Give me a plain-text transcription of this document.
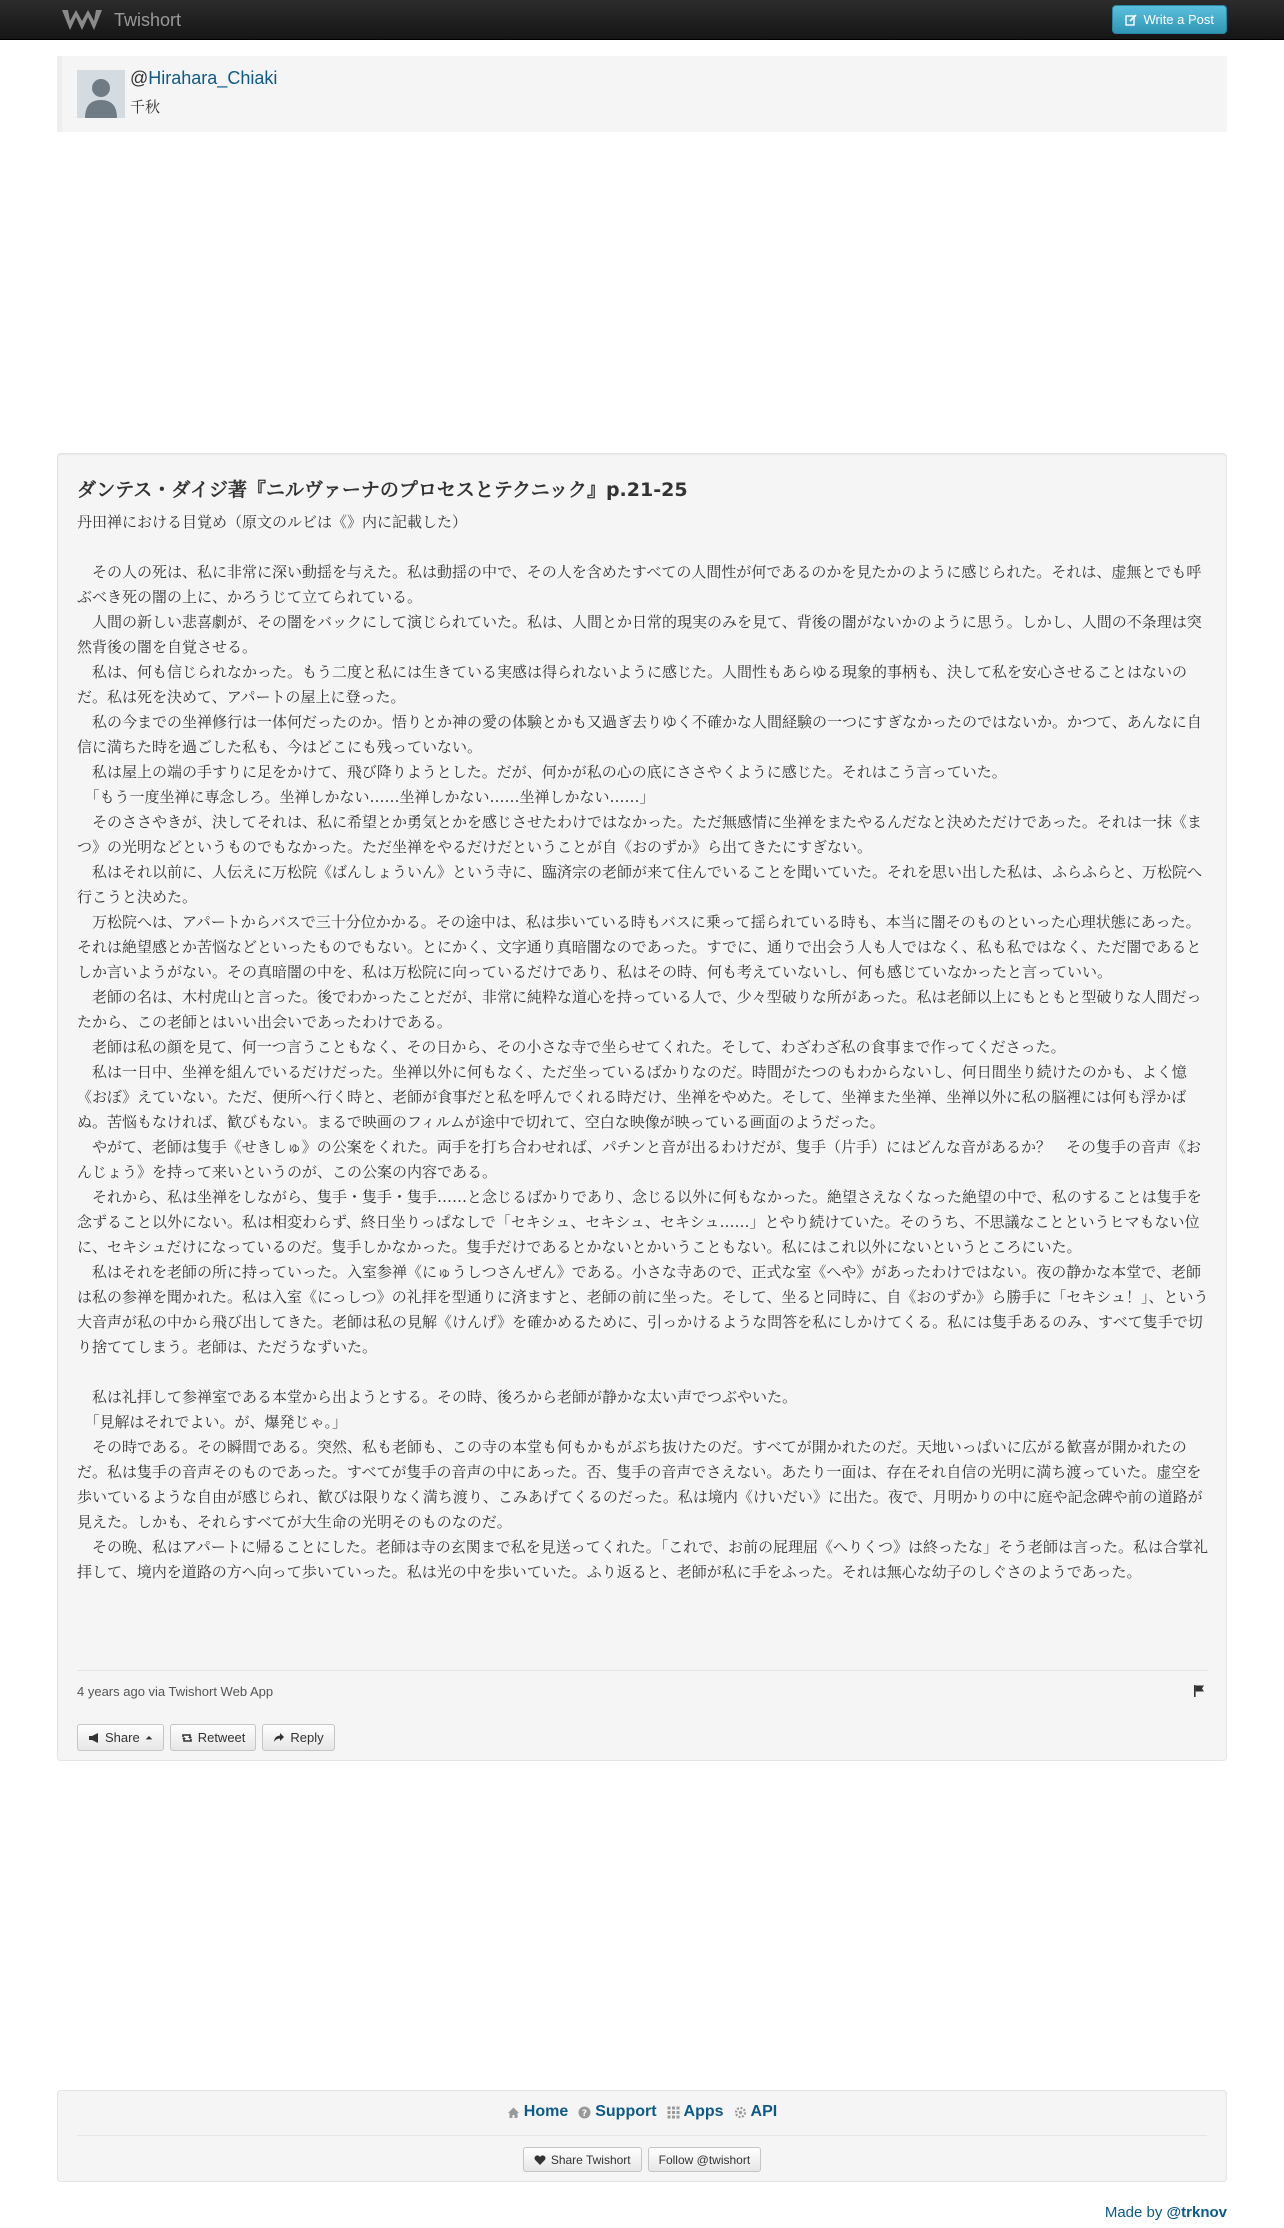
Twishort	Write a Post
@Hirahara_Chiaki
千秋
ダンテス・ダイジ著『ニルヴァーナのプロセスとテクニック』p.21-25

丹田禅における目覚め（原文のルビは《》内に記載した）

　その人の死は、私に非常に深い動揺を与えた。私は動揺の中で、その人を含めたすべての人間性が何であるのかを見たかのように感じられた。それは、虚無とでも呼ぶべき死の闇の上に、かろうじて立てられている。
　人間の新しい悲喜劇が、その闇をバックにして演じられていた。私は、人間とか日常的現実のみを見て、背後の闇がないかのように思う。しかし、人間の不条理は突然背後の闇を自覚させる。
　私は、何も信じられなかった。もう二度と私には生きている実感は得られないように感じた。人間性もあらゆる現象的事柄も、決して私を安心させることはないのだ。私は死を決めて、アパートの屋上に登った。
　私の今までの坐禅修行は一体何だったのか。悟りとか神の愛の体験とかも又過ぎ去りゆく不確かな人間経験の一つにすぎなかったのではないか。かつて、あんなに自信に満ちた時を過ごした私も、今はどこにも残っていない。
　私は屋上の端の手すりに足をかけて、飛び降りようとした。だが、何かが私の心の底にささやくように感じた。それはこう言っていた。
　「もう一度坐禅に専念しろ。坐禅しかない……坐禅しかない……坐禅しかない……」
　そのささやきが、決してそれは、私に希望とか勇気とかを感じさせたわけではなかった。ただ無感情に坐禅をまたやるんだなと決めただけであった。それは一抹《まつ》の光明などというものでもなかった。ただ坐禅をやるだけだということが自《おのずか》ら出てきたにすぎない。
　私はそれ以前に、人伝えに万松院《ばんしょういん》という寺に、臨済宗の老師が来て住んでいることを聞いていた。それを思い出した私は、ふらふらと、万松院へ行こうと決めた。
　万松院へは、アパートからバスで三十分位かかる。その途中は、私は歩いている時もバスに乗って揺られている時も、本当に闇そのものといった心理状態にあった。それは絶望感とか苦悩などといったものでもない。とにかく、文字通り真暗闇なのであった。すでに、通りで出会う人も人ではなく、私も私ではなく、ただ闇であるとしか言いようがない。その真暗闇の中を、私は万松院に向っているだけであり、私はその時、何も考えていないし、何も感じていなかったと言っていい。
　老師の名は、木村虎山と言った。後でわかったことだが、非常に純粋な道心を持っている人で、少々型破りな所があった。私は老師以上にもともと型破りな人間だったから、この老師とはいい出会いであったわけである。
　老師は私の顔を見て、何一つ言うこともなく、その日から、その小さな寺で坐らせてくれた。そして、わざわざ私の食事まで作ってくださった。
　私は一日中、坐禅を組んでいるだけだった。坐禅以外に何もなく、ただ坐っているばかりなのだ。時間がたつのもわからないし、何日間坐り続けたのかも、よく憶《おぼ》えていない。ただ、便所へ行く時と、老師が食事だと私を呼んでくれる時だけ、坐禅をやめた。そして、坐禅また坐禅、坐禅以外に私の脳裡には何も浮かばぬ。苦悩もなければ、歓びもない。まるで映画のフィルムが途中で切れて、空白な映像が映っている画面のようだった。
　やがて、老師は隻手《せきしゅ》の公案をくれた。両手を打ち合わせれば、パチンと音が出るわけだが、隻手（片手）にはどんな音があるか？　その隻手の音声《おんじょう》を持って来いというのが、この公案の内容である。
　それから、私は坐禅をしながら、隻手・隻手・隻手……と念じるばかりであり、念じる以外に何もなかった。絶望さえなくなった絶望の中で、私のすることは隻手を念ずること以外にない。私は相変わらず、終日坐りっぱなしで「セキシュ、セキシュ、セキシュ……」とやり続けていた。そのうち、不思議なことというヒマもない位に、セキシュだけになっているのだ。隻手しかなかった。隻手だけであるとかないとかいうこともない。私にはこれ以外にないというところにいた。
　私はそれを老師の所に持っていった。入室参禅《にゅうしつさんぜん》である。小さな寺あので、正式な室《へや》があったわけではない。夜の静かな本堂で、老師は私の参禅を聞かれた。私は入室《にっしつ》の礼拝を型通りに済ますと、老師の前に坐った。そして、坐ると同時に、自《おのずか》ら勝手に「セキシュ！」、という大音声が私の中から飛び出してきた。老師は私の見解《けんげ》を確かめるために、引っかけるような問答を私にしかけてくる。私には隻手あるのみ、すべて隻手で切り捨ててしまう。老師は、ただうなずいた。

　私は礼拝して参禅室である本堂から出ようとする。その時、後ろから老師が静かな太い声でつぶやいた。
　「見解はそれでよい。が、爆発じゃ。」
　その時である。その瞬間である。突然、私も老師も、この寺の本堂も何もかもがぶち抜けたのだ。すべてが開かれたのだ。天地いっぱいに広がる歓喜が開かれたのだ。私は隻手の音声そのものであった。すべてが隻手の音声の中にあった。否、隻手の音声でさえない。あたり一面は、存在それ自信の光明に満ち渡っていた。虚空を歩いているような自由が感じられ、歓びは限りなく満ち渡り、こみあげてくるのだった。私は境内《けいだい》に出た。夜で、月明かりの中に庭や記念碑や前の道路が見えた。しかも、それらすべてが大生命の光明そのものなのだ。
　その晩、私はアパートに帰ることにした。老師は寺の玄関まで私を見送ってくれた。「これで、お前の屁理屈《へりくつ》は終ったな」そう老師は言った。私は合掌礼拝して、境内を道路の方へ向って歩いていった。私は光の中を歩いていた。ふり返ると、老師が私に手をふった。それは無心な幼子のしぐさのようであった。

4 years ago via Twishort Web App
Share	Retweet	Reply
Home ? Support Apps API
Share Twishort Follow @twishort
Made by @trknov
